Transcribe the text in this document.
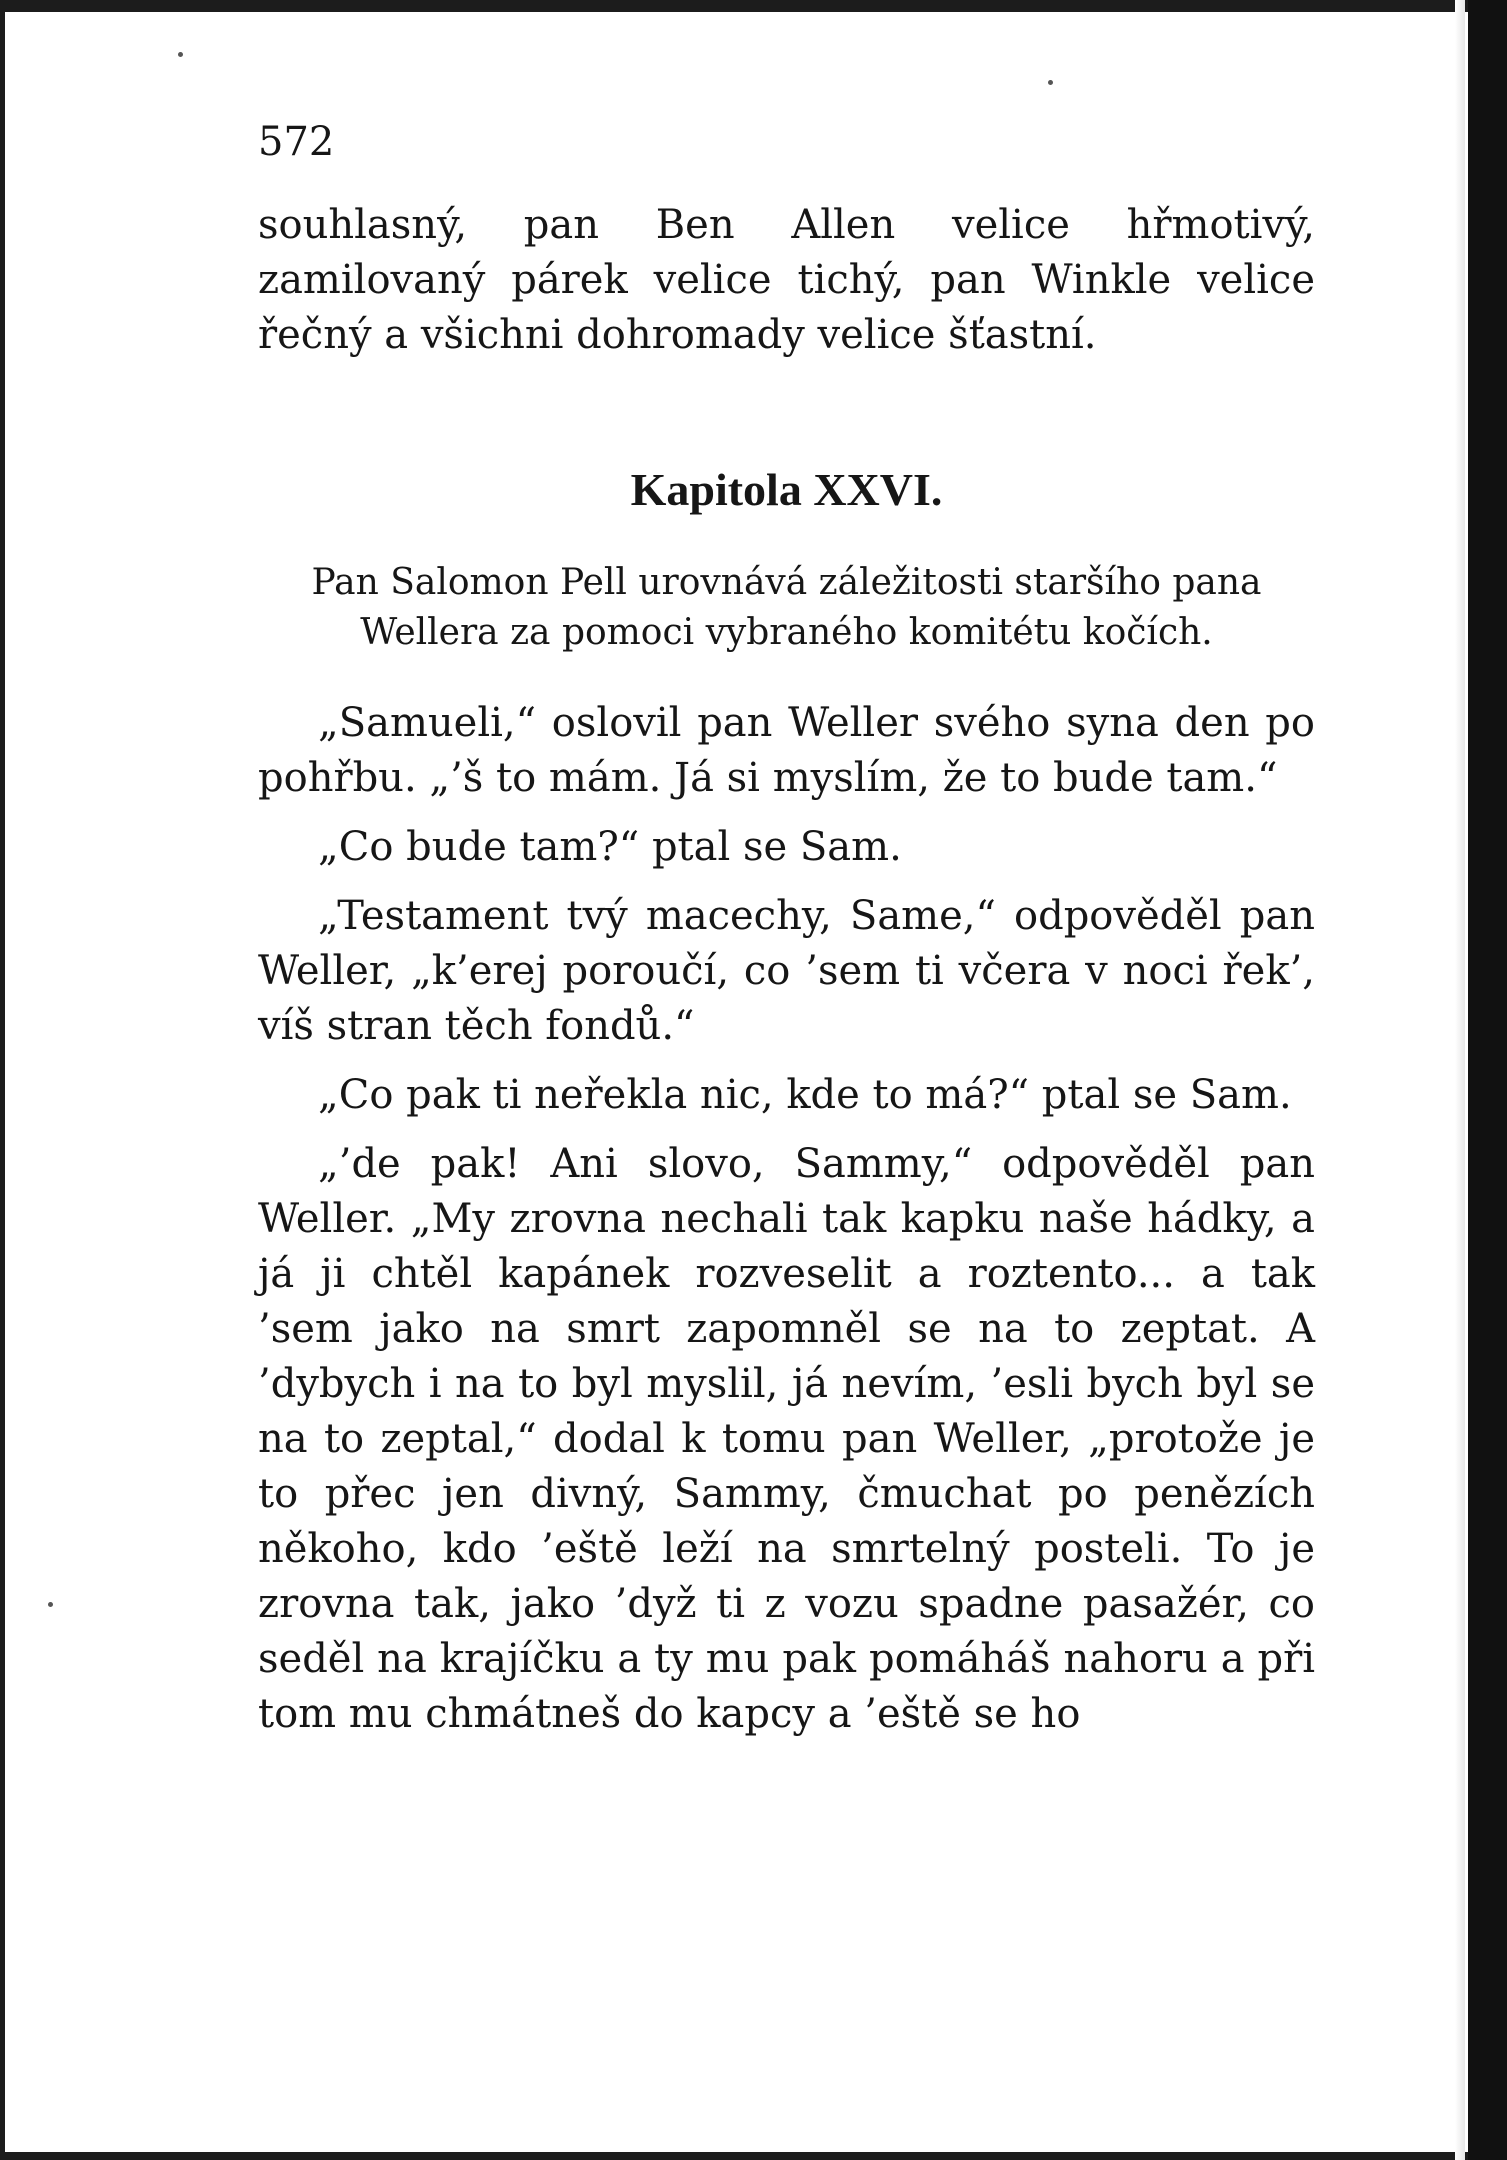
572

souhlasný, pan Ben Allen velice hřmotivý, zamilovaný párek velice tichý, pan Winkle velice řečný a všichni dohromady velice šťastní.

Kapitola XXVI.
Pan Salomon Pell urovnává záležitosti staršího pana
Wellera za pomoci vybraného komitétu kočích.

„Samueli,“ oslovil pan Weller svého syna den po pohřbu. „’š to mám. Já si myslím, že to bude tam.“

„Co bude tam?“ ptal se Sam.

„Testament tvý macechy, Same,“ odpověděl pan Weller, „k’erej poroučí, co ’sem ti včera v noci řek’, víš stran těch fondů.“

„Co pak ti neřekla nic, kde to má?“ ptal se Sam.

„’de pak! Ani slovo, Sammy,“ odpověděl pan Weller. „My zrovna nechali tak kapku naše hádky, a já ji chtěl kapánek rozveselit a roztento... a tak ’sem jako na smrt zapomněl se na to zeptat. A ’dybych i na to byl myslil, já nevím, ’esli bych byl se na to zeptal,“ dodal k tomu pan Weller, „protože je to přec jen divný, Sammy, čmuchat po penězích někoho, kdo ’eště leží na smrtelný posteli. To je zrovna tak, jako ’dyž ti z vozu spadne pasažér, co seděl na krajíčku a ty mu pak pomáháš nahoru a při tom mu chmátneš do kapcy a ’eště se ho
